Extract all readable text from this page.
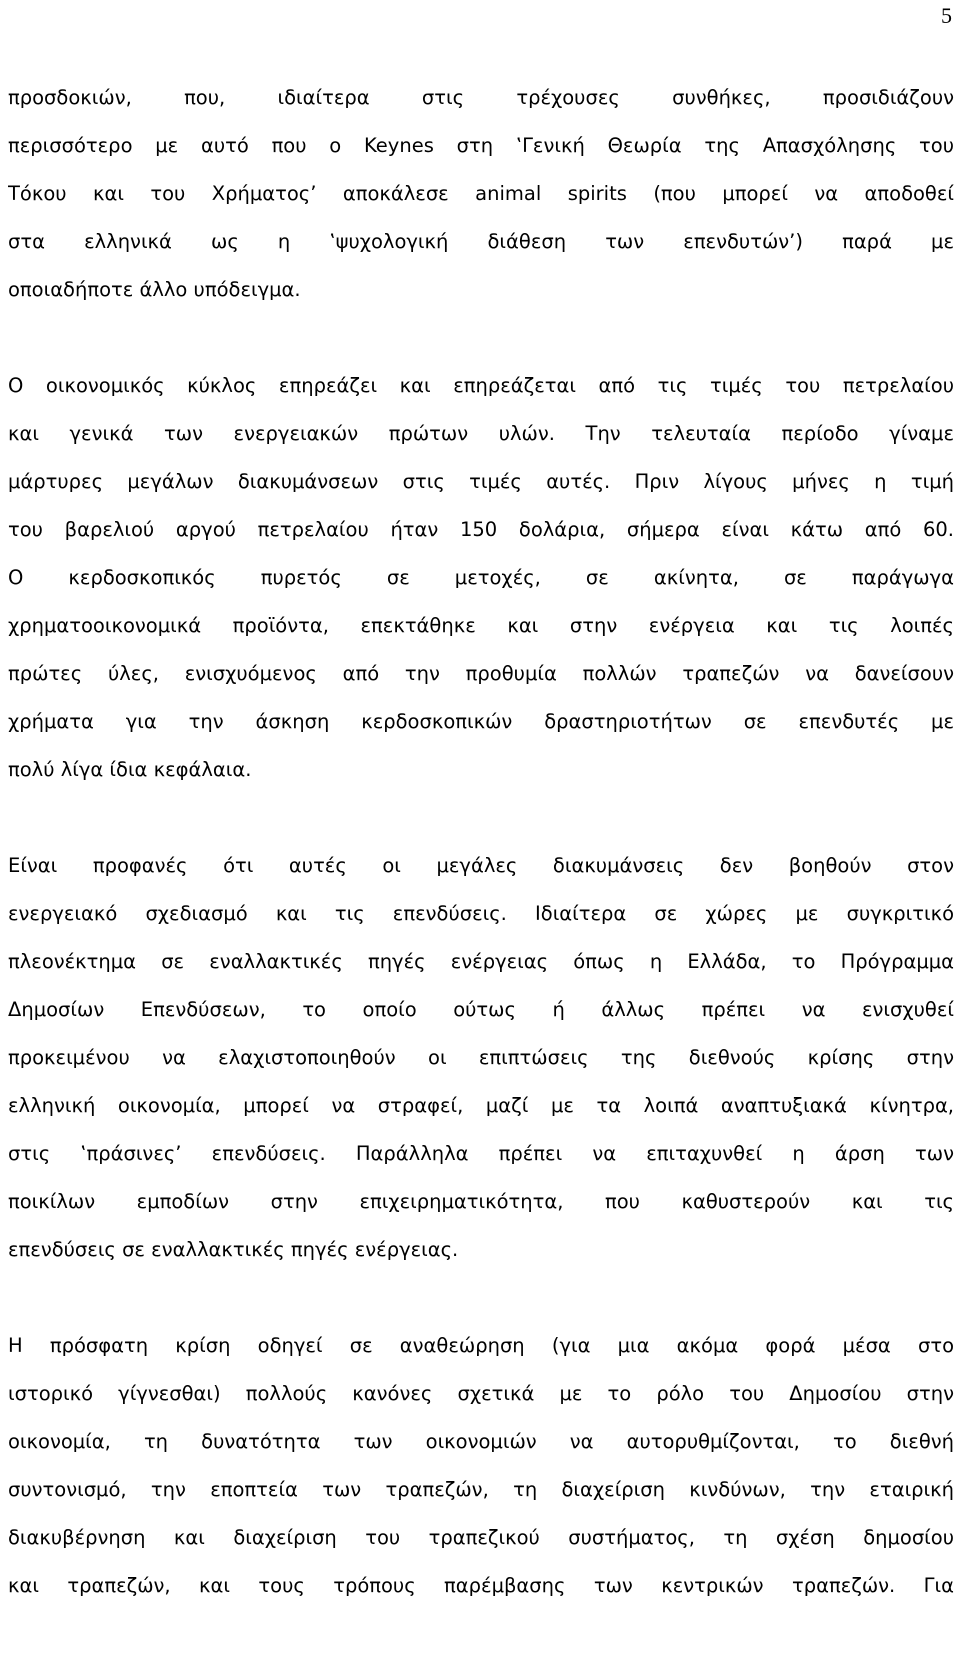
5
προσδοκιών, που, ιδιαίτερα στις τρέχουσες συνθήκες, προσιδιάζουν
περισσότερο με αυτό που ο Keynes στη ‛Γενική Θεωρία της Απασχόλησης του
Τόκου και του Χρήματος’ αποκάλεσε animal spirits (που μπορεί να αποδοθεί
στα ελληνικά ως η ‛ψυχολογική διάθεση των επενδυτών’) παρά με
οποιαδήποτε άλλο υπόδειγμα.
Ο οικονομικός κύκλος επηρεάζει και επηρεάζεται από τις τιμές του πετρελαίου
και γενικά των ενεργειακών πρώτων υλών. Την τελευταία περίοδο γίναμε
μάρτυρες μεγάλων διακυμάνσεων στις τιμές αυτές. Πριν λίγους μήνες η τιμή
του βαρελιού αργού πετρελαίου ήταν 150 δολάρια, σήμερα είναι κάτω από 60.
Ο κερδοσκοπικός πυρετός σε μετοχές, σε ακίνητα, σε παράγωγα
χρηματοοικονομικά προϊόντα, επεκτάθηκε και στην ενέργεια και τις λοιπές
πρώτες ύλες, ενισχυόμενος από την προθυμία πολλών τραπεζών να δανείσουν
χρήματα για την άσκηση κερδοσκοπικών δραστηριοτήτων σε επενδυτές με
πολύ λίγα ίδια κεφάλαια.
Είναι προφανές ότι αυτές οι μεγάλες διακυμάνσεις δεν βοηθούν στον
ενεργειακό σχεδιασμό και τις επενδύσεις. Ιδιαίτερα σε χώρες με συγκριτικό
πλεονέκτημα σε εναλλακτικές πηγές ενέργειας όπως η Ελλάδα, το Πρόγραμμα
Δημοσίων Επενδύσεων, το οποίο ούτως ή άλλως πρέπει να ενισχυθεί
προκειμένου να ελαχιστοποιηθούν οι επιπτώσεις της διεθνούς κρίσης στην
ελληνική οικονομία, μπορεί να στραφεί, μαζί με τα λοιπά αναπτυξιακά κίνητρα,
στις ‛πράσινες’ επενδύσεις. Παράλληλα πρέπει να επιταχυνθεί η άρση των
ποικίλων εμποδίων στην επιχειρηματικότητα, που καθυστερούν και τις
επενδύσεις σε εναλλακτικές πηγές ενέργειας.
Η πρόσφατη κρίση οδηγεί σε αναθεώρηση (για μια ακόμα φορά μέσα στο
ιστορικό γίγνεσθαι) πολλούς κανόνες σχετικά με το ρόλο του Δημοσίου στην
οικονομία, τη δυνατότητα των οικονομιών να αυτορυθμίζονται, το διεθνή
συντονισμό, την εποπτεία των τραπεζών, τη διαχείριση κινδύνων, την εταιρική
διακυβέρνηση και διαχείριση του τραπεζικού συστήματος, τη σχέση δημοσίου
και τραπεζών, και τους τρόπους παρέμβασης των κεντρικών τραπεζών. Για
